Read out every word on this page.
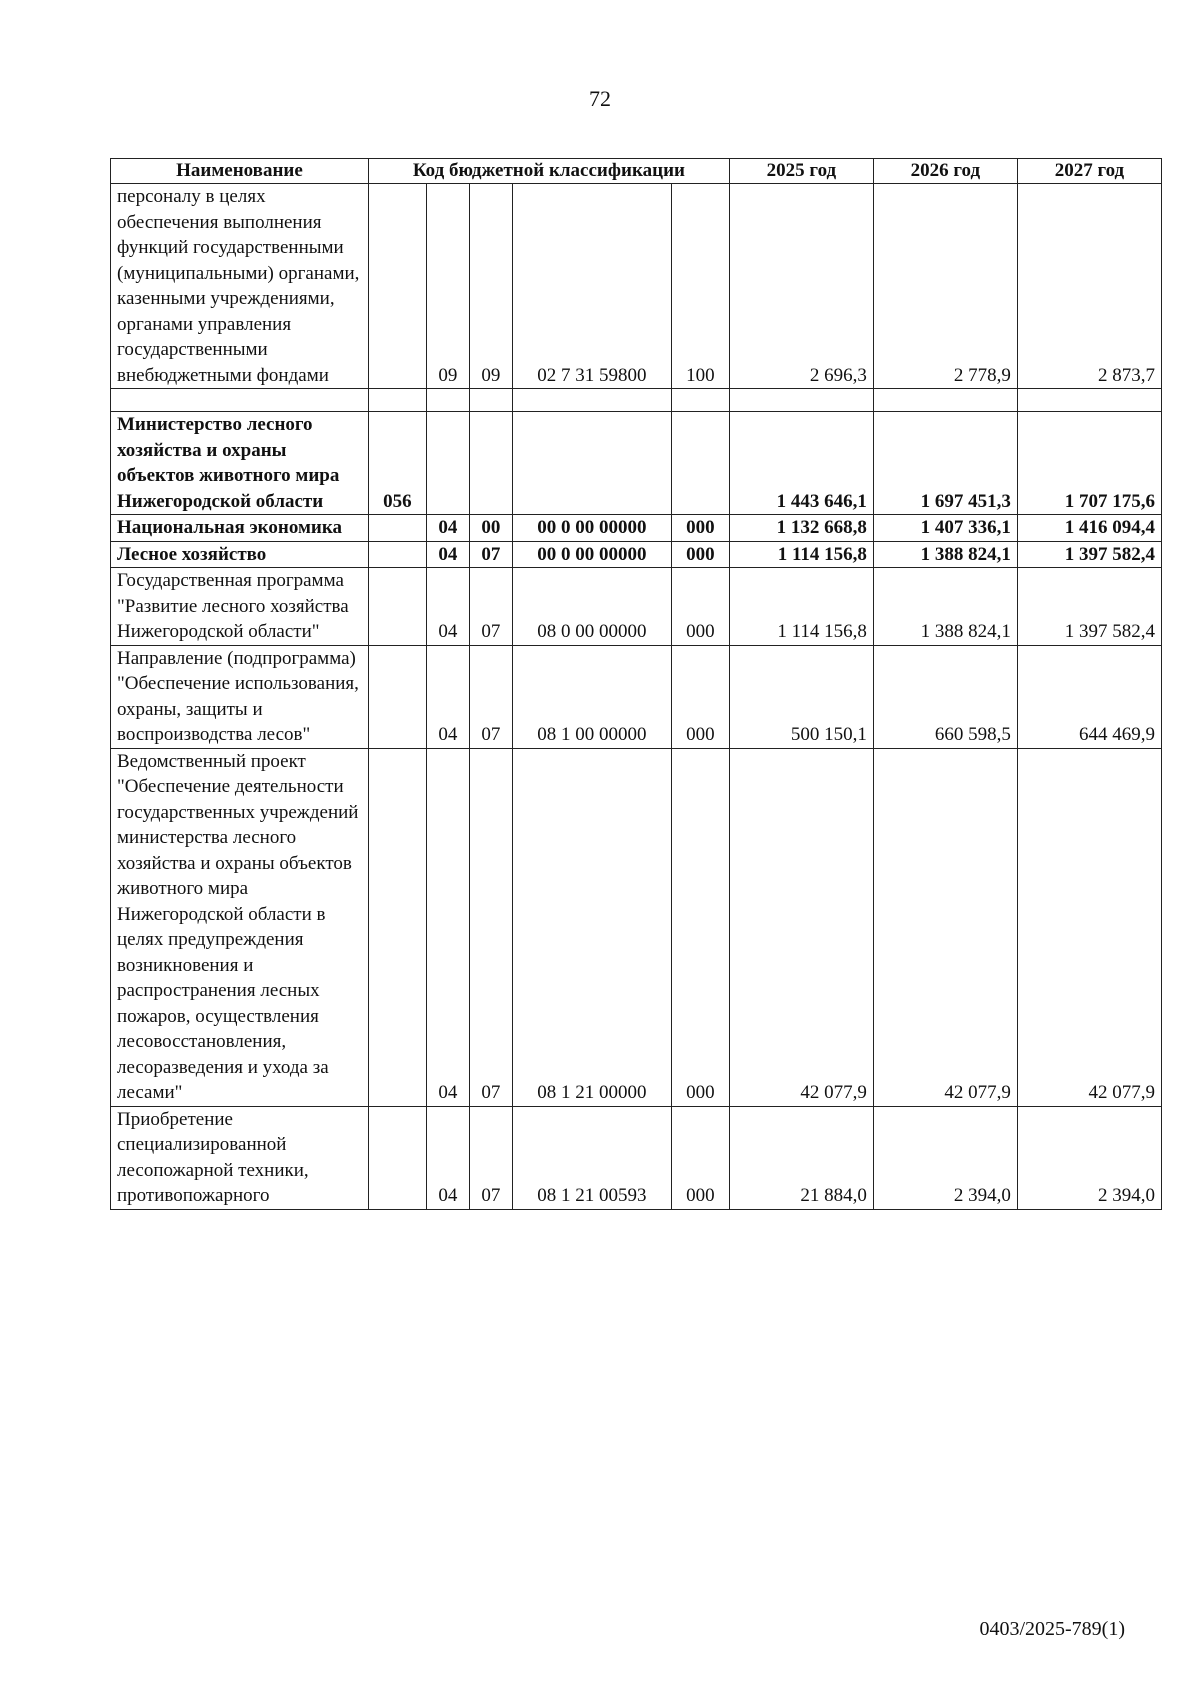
72
Наименование	Код бюджетной классификации					2025 год	2026 год	2027 год
персоналу в целях обеспечения выполнения функций государственными (муниципальными) органами, казенными учреждениями, органами управления государственными внебюджетными фондами		09	09	02 7 31 59800	100	2 696,3	2 778,9	2 873,7

Министерство лесного хозяйства и охраны объектов животного мира Нижегородской области	056					1 443 646,1	1 697 451,3	1 707 175,6
Национальная экономика		04	00	00 0 00 00000	000	1 132 668,8	1 407 336,1	1 416 094,4
Лесное хозяйство		04	07	00 0 00 00000	000	1 114 156,8	1 388 824,1	1 397 582,4
Государственная программа "Развитие лесного хозяйства Нижегородской области"		04	07	08 0 00 00000	000	1 114 156,8	1 388 824,1	1 397 582,4
Направление (подпрограмма) "Обеспечение использования, охраны, защиты и воспроизводства лесов"		04	07	08 1 00 00000	000	500 150,1	660 598,5	644 469,9
Ведомственный проект "Обеспечение деятельности государственных учреждений министерства лесного хозяйства и охраны объектов животного мира Нижегородской области в целях предупреждения возникновения и распространения лесных пожаров, осуществления лесовосстановления, лесоразведения и ухода за лесами"		04	07	08 1 21 00000	000	42 077,9	42 077,9	42 077,9
Приобретение специализированной лесопожарной техники, противопожарного		04	07	08 1 21 00593	000	21 884,0	2 394,0	2 394,0
0403/2025-789(1)
